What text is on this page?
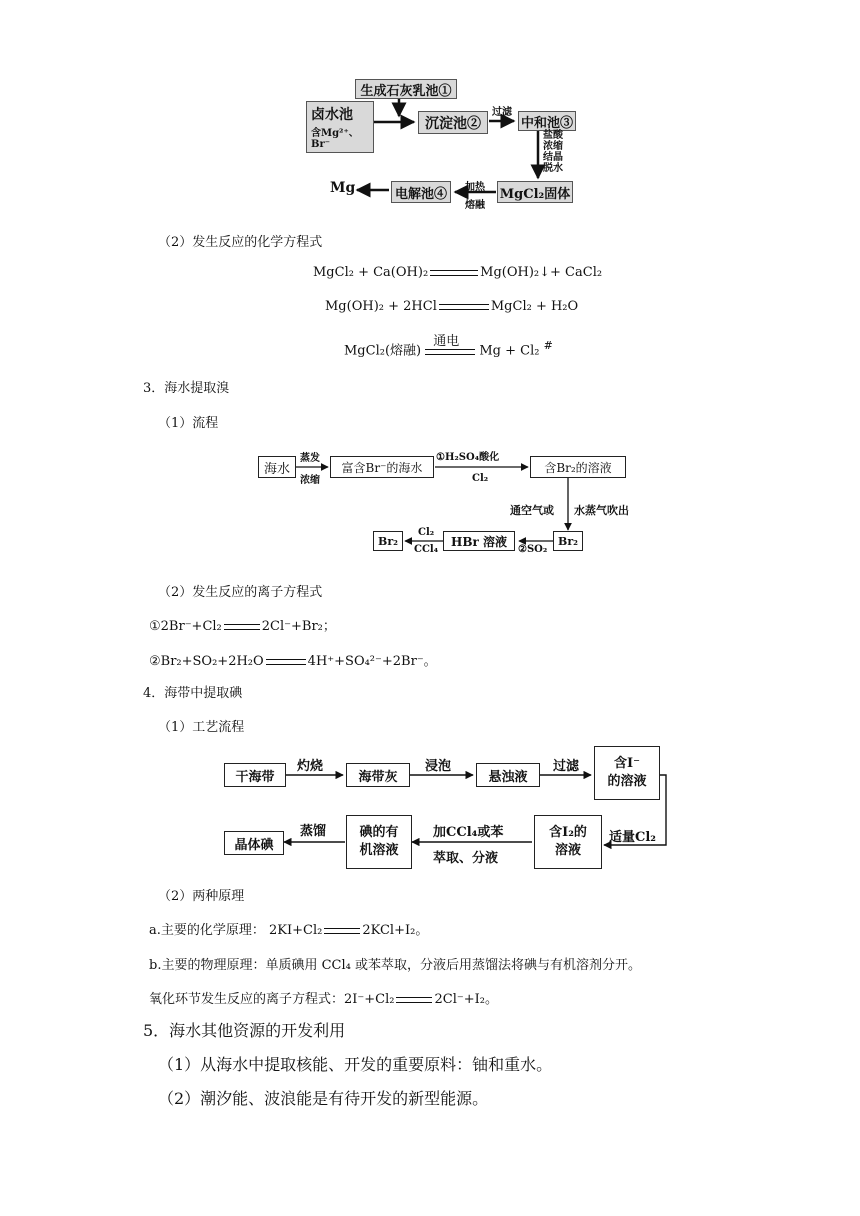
生成石灰乳池①
卤水池
含Mg²⁺、Br⁻
沉淀池②
过滤
中和池③
盐酸
浓缩
结晶
脱水
MgCl₂固体
加热
熔融
电解池④
Mg
（2）发生反应的化学方程式
MgCl₂ + Ca(OH)₂	Mg(OH)₂↓+ CaCl₂
Mg(OH)₂ + 2HCl	MgCl₂ + H₂O
MgCl₂(熔融)
通电
Mg + Cl₂ #
3．海水提取溴
（1）流程
海水
蒸发
浓缩
富含Br⁻的海水
①H₂SO₄酸化
Cl₂
含Br₂的溶液
通空气或 水蒸气吹出
Br₂
②SO₂
HBr 溶液
Cl₂
CCl₄
Br₂
（2）发生反应的离子方程式
①2Br⁻+Cl₂	2Cl⁻+Br₂；
②Br₂+SO₂+2H₂O	4H⁺+SO₄²⁻+2Br⁻。
4．海带中提取碘
（1）工艺流程
干海带
灼烧
海带灰
浸泡
悬浊液
过滤	含I⁻
的溶液
适量Cl₂
含I₂的
溶液
加CCl₄或苯
萃取、分液
碘的有
机溶液
蒸馏
晶体碘
（2）两种原理
a.主要的化学原理： 2KI+Cl₂	2KCl+I₂。
b.主要的物理原理：单质碘用 CCl₄ 或苯萃取，分液后用蒸馏法将碘与有机溶剂分开。
氧化环节发生反应的离子方程式：2I⁻+Cl₂	2Cl⁻+I₂。
5．海水其他资源的开发利用
（1）从海水中提取核能、开发的重要原料：铀和重水。
（2）潮汐能、波浪能是有待开发的新型能源。
